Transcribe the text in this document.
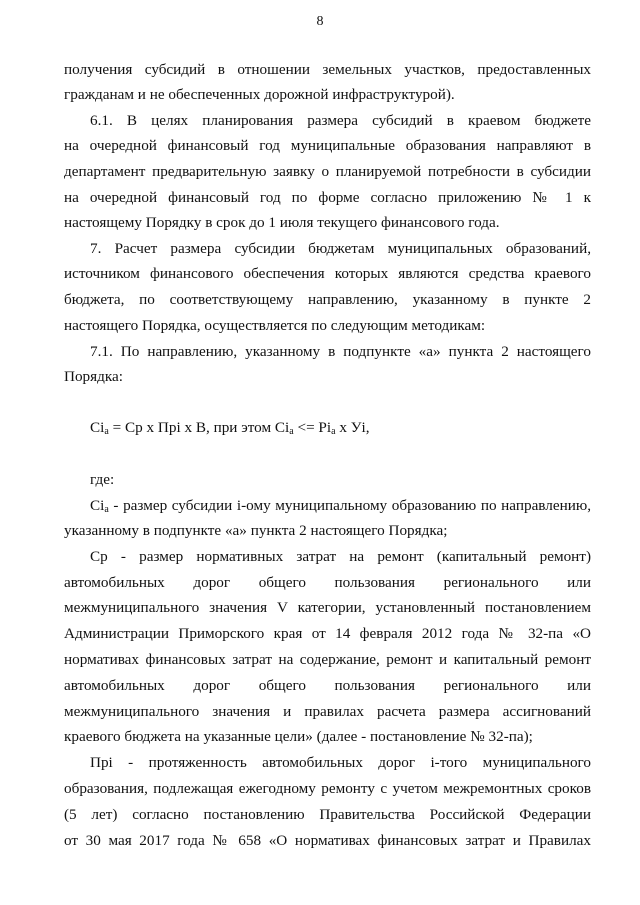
8
получения субсидий в отношении земельных участков, предоставленных
гражданам и не обеспеченных дорожной инфраструктурой).
6.1. В целях планирования размера субсидий в краевом бюджете
на очередной финансовый год муниципальные образования направляют в
департамент предварительную заявку о планируемой потребности в субсидии
на очередной финансовый год по форме согласно приложению № 1 к
настоящему Порядку в срок до 1 июля текущего финансового года.
7. Расчет размера субсидии бюджетам муниципальных образований,
источником финансового обеспечения которых являются средства краевого
бюджета, по соответствующему направлению, указанному в пункте 2
настоящего Порядка, осуществляется по следующим методикам:
7.1. По направлению, указанному в подпункте «а» пункта 2 настоящего
Порядка:
$Ci_a$ = Ср х Прi х В, при этом $Ci_a <= Pi_a$ х Уi,
где:
$Ci_a$ - размер субсидии i-ому муниципальному образованию по направлению,
указанному в подпункте «а» пункта 2 настоящего Порядка;
Ср - размер нормативных затрат на ремонт (капитальный ремонт)
автомобильных дорог общего пользования регионального или
межмуниципального значения V категории, установленный постановлением
Администрации Приморского края от 14 февраля 2012 года № 32-па «О
нормативах финансовых затрат на содержание, ремонт и капитальный ремонт
автомобильных дорог общего пользования регионального или
межмуниципального значения и правилах расчета размера ассигнований
краевого бюджета на указанные цели» (далее - постановление № 32-па);
Прi - протяженность автомобильных дорог i-того муниципального
образования, подлежащая ежегодному ремонту с учетом межремонтных сроков
(5 лет) согласно постановлению Правительства Российской Федерации
от 30 мая 2017 года № 658 «О нормативах финансовых затрат и Правилах
